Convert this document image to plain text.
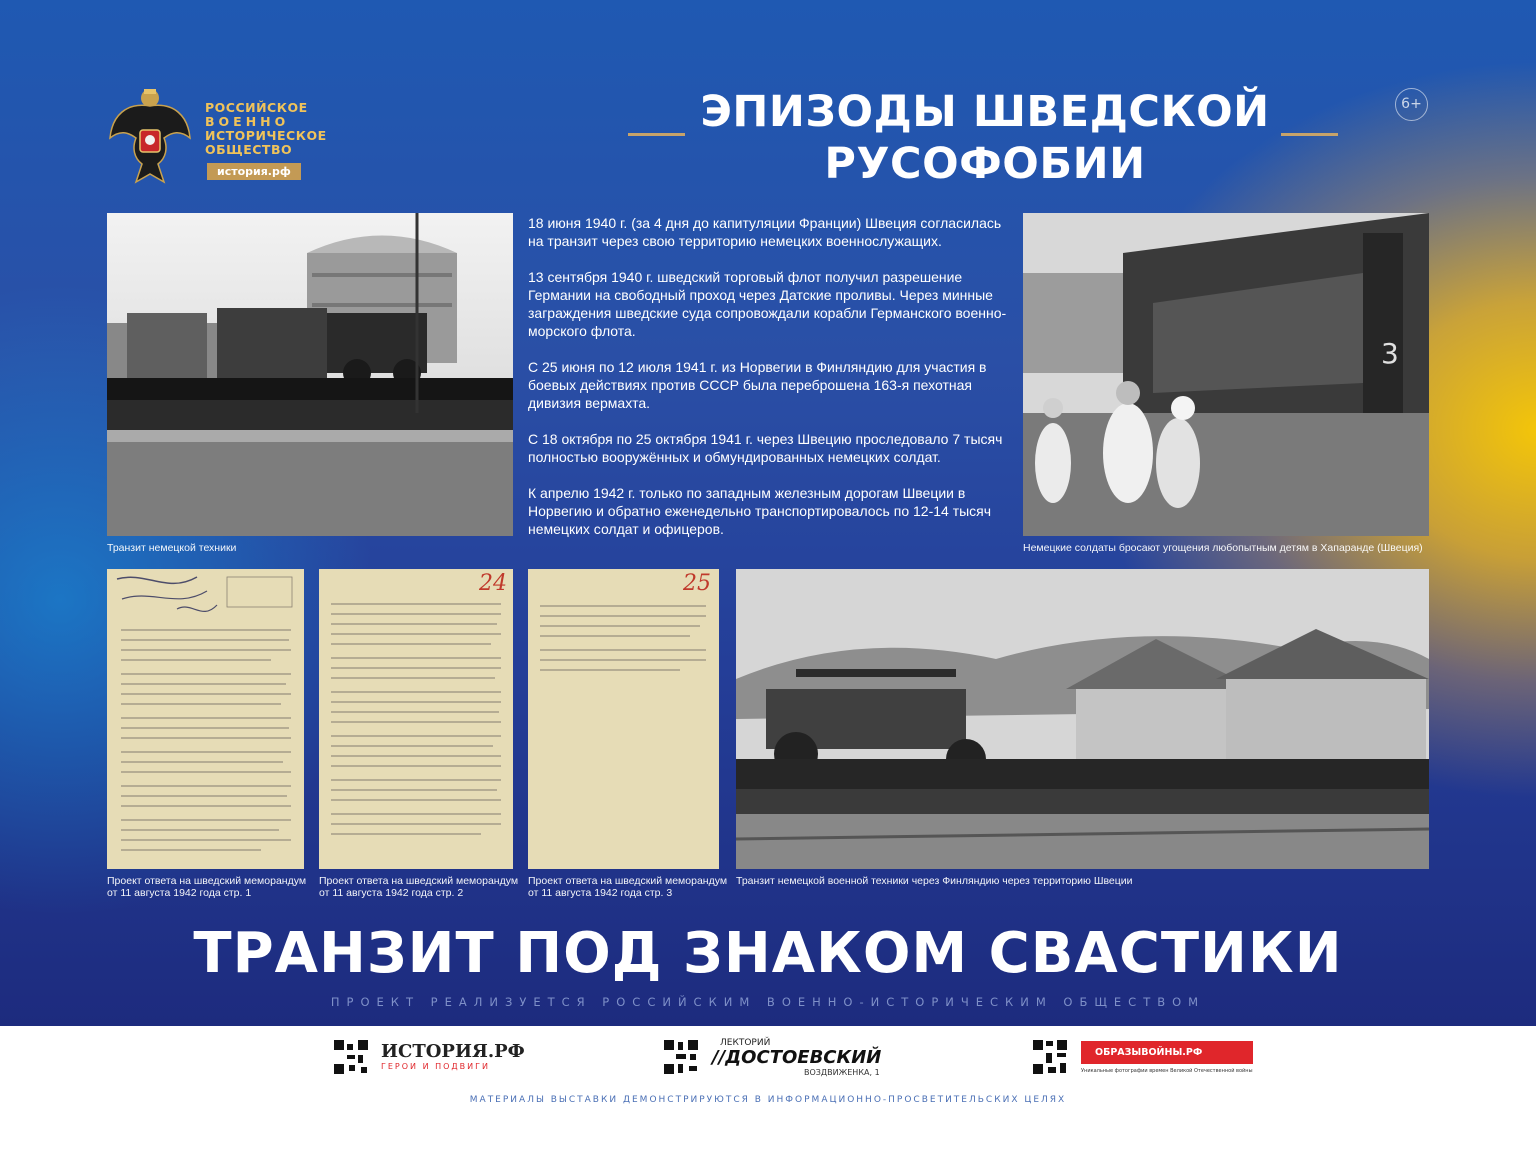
РОССИЙСКОЕ
ВОЕННО
ИСТОРИЧЕСКОЕ
ОБЩЕСТВО
история.рф
ЭПИЗОДЫ ШВЕДСКОЙ
РУСОФОБИИ
6+
Транзит немецкой техники

18 июня 1940 г. (за 4 дня до капитуляции Франции) Швеция согласилась на транзит через свою территорию немецких военнослужащих.

13 сентября 1940 г. шведский торговый флот получил разрешение Германии на свободный проход через Датские проливы. Через минные заграждения шведские суда сопровождали корабли Германского военно-морского флота.

С 25 июня по 12 июля 1941 г. из Норвегии в Финляндию для участия в боевых действиях против СССР была переброшена 163-я пехотная дивизия вермахта.

С 18 октября по 25 октября 1941 г. через Швецию проследовало 7 тысяч полностью вооружённых и обмундированных немецких солдат.

К апрелю 1942 г. только по западным железным дорогам Швеции в Норвегию и обратно еженедельно транспортировалось по 12-14 тысяч немецких солдат и офицеров.

3
Немецкие солдаты бросают угощения любопытным детям в Хапаранде (Швеция)
Проект ответа на шведский меморандум
от 11 августа 1942 года стр. 1
24
Проект ответа на шведский меморандум
от 11 августа 1942 года стр. 2
25
Проект ответа на шведский меморандум
от 11 августа 1942 года стр. 3
Транзит немецкой военной техники через Финляндию через территорию Швеции
ТРАНЗИТ ПОД ЗНАКОМ СВАСТИКИ
ПРОЕКТ РЕАЛИЗУЕТСЯ РОССИЙСКИМ ВОЕННО-ИСТОРИЧЕСКИМ ОБЩЕСТВОМ
ИСТОРИЯ.РФ
ГЕРОИ И ПОДВИГИ
ЛЕКТОРИЙ
//ДОСТОЕВСКИЙ
ВОЗДВИЖЕНКА, 1
ОБРАЗЫВОЙНЫ.РФ
Уникальные фотографии времен Великой Отечественной войны
МАТЕРИАЛЫ ВЫСТАВКИ ДЕМОНСТРИРУЮТСЯ В ИНФОРМАЦИОННО-ПРОСВЕТИТЕЛЬСКИХ ЦЕЛЯХ
